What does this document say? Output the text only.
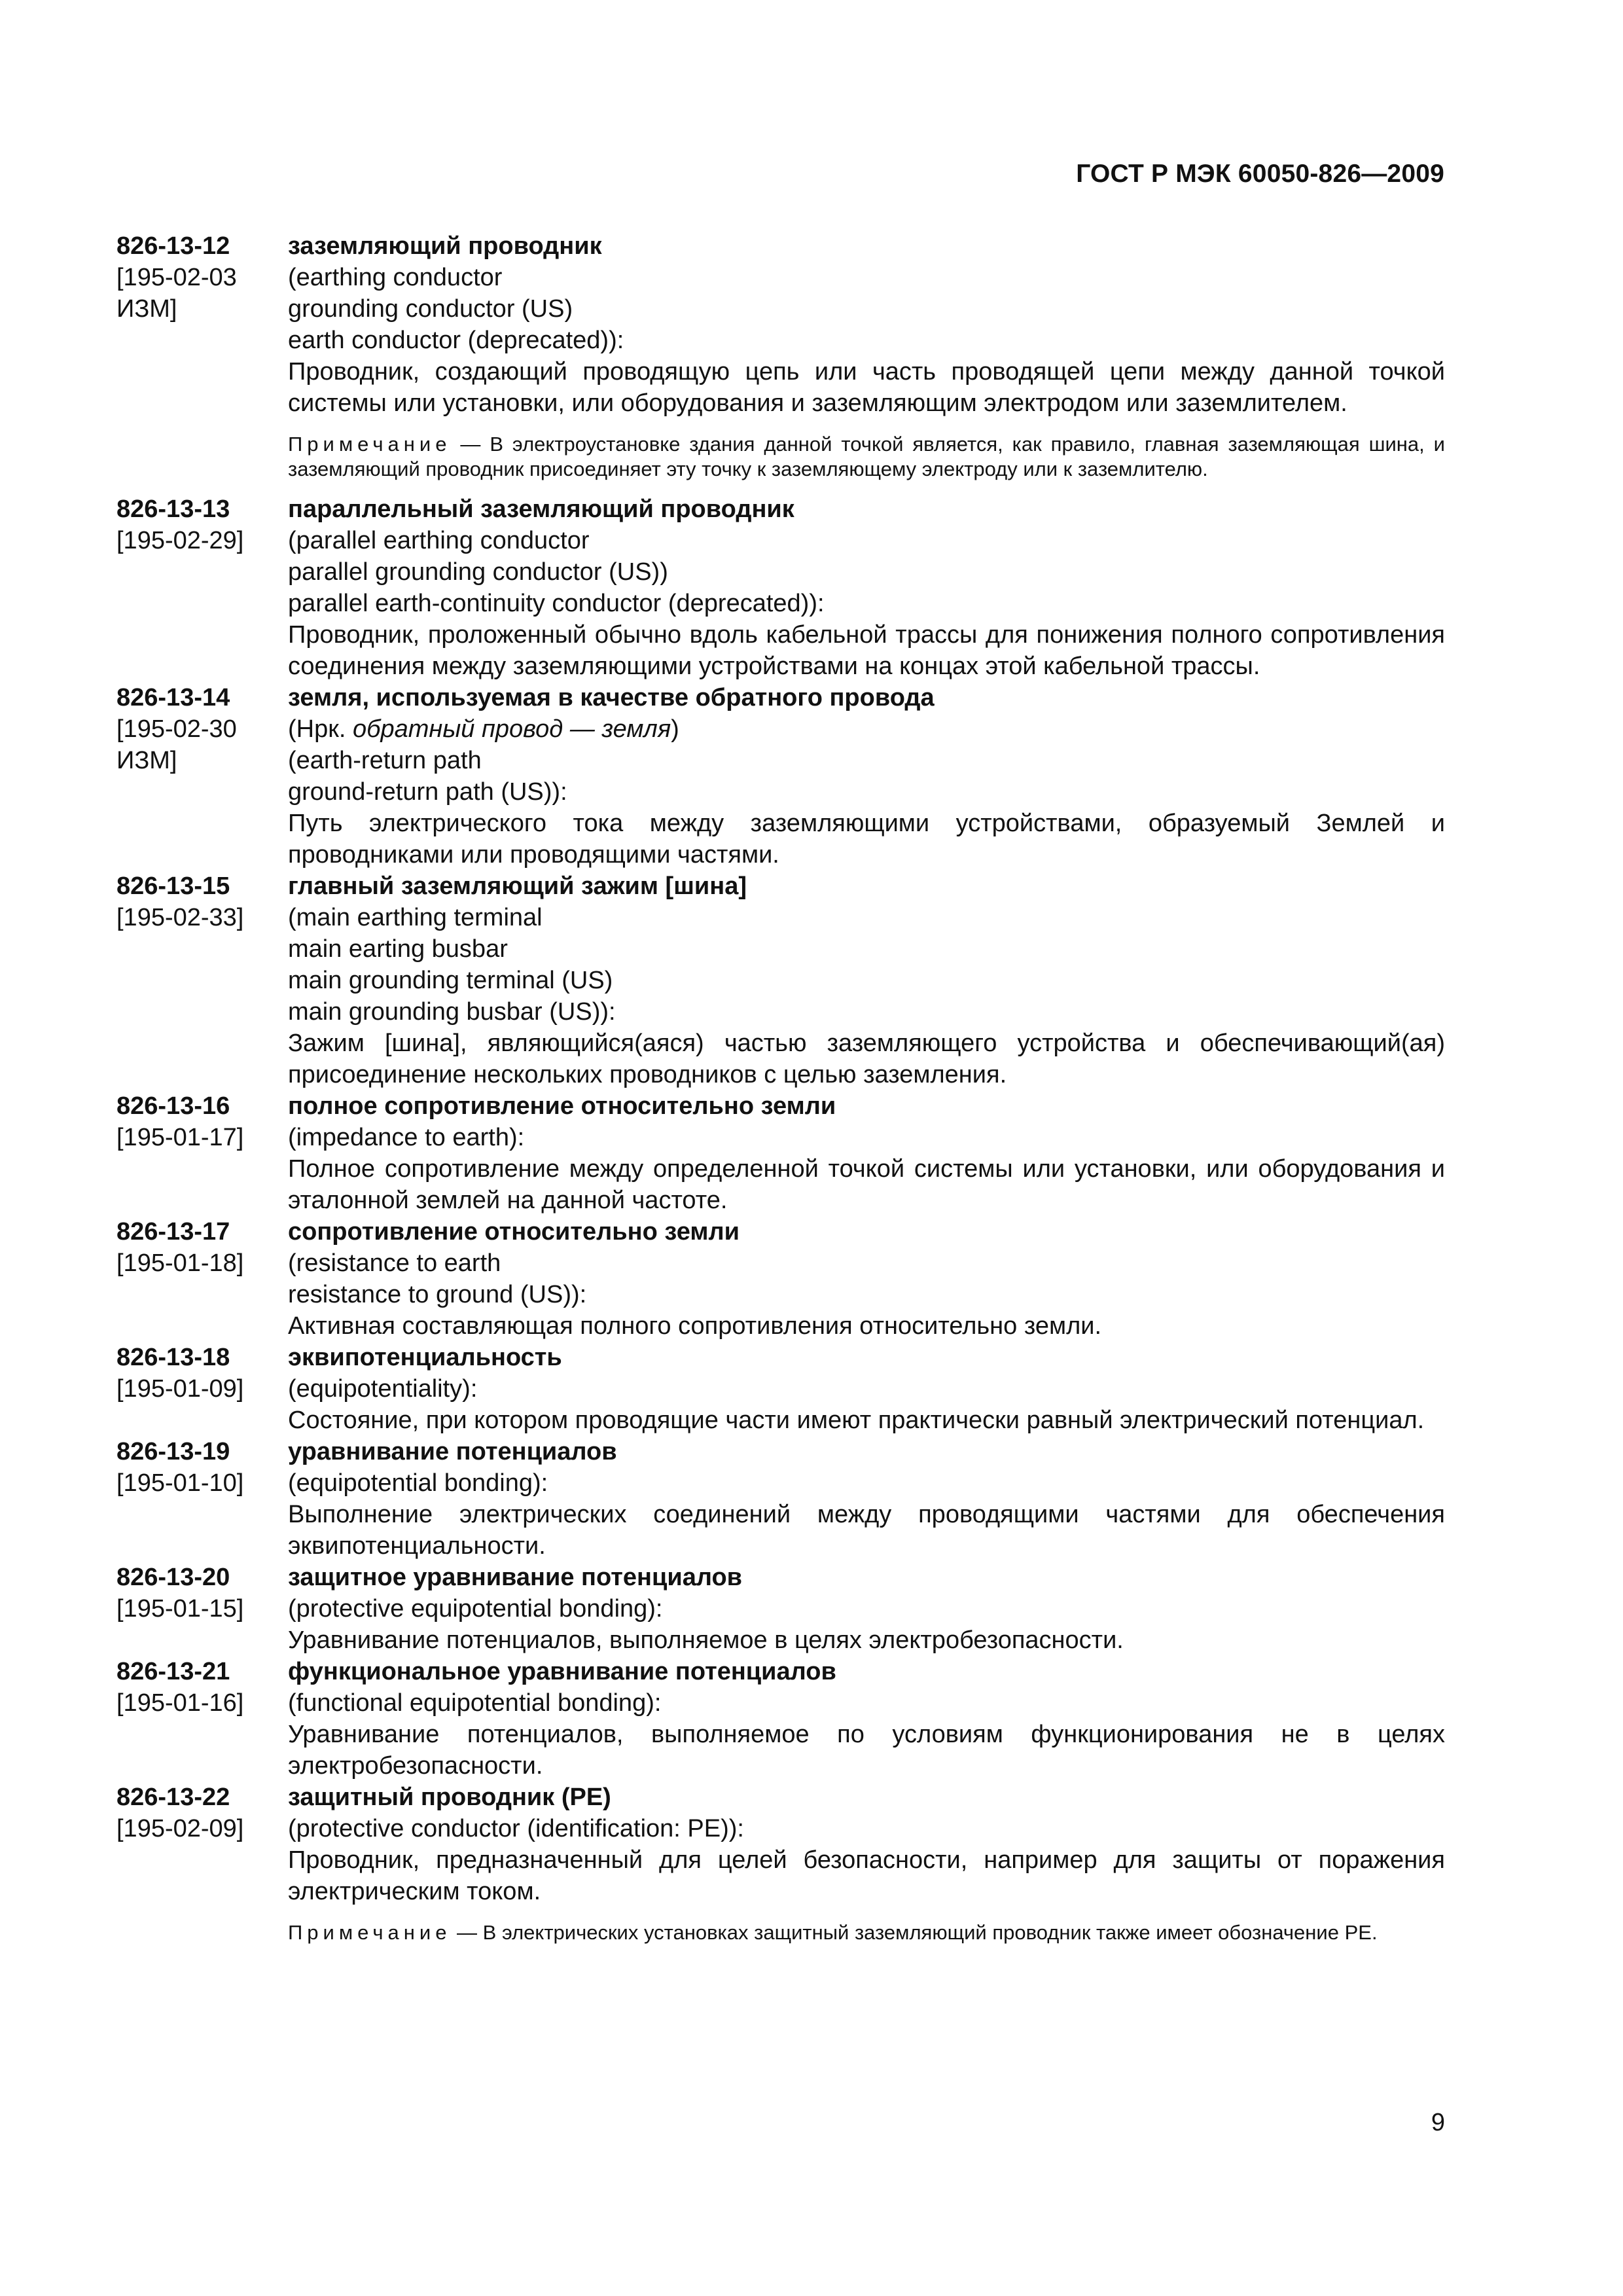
ГОСТ Р МЭК 60050-826—2009
826-13-12
[195-02-03
ИЗМ]
заземляющий проводник
(earthing conductor
grounding conductor (US)
earth conductor (deprecated)):
Проводник, создающий проводящую цепь или часть проводящей цепи между данной точкой системы или установки, или оборудования и заземляющим электродом или заземлителем.
Примечание — В электроустановке здания данной точкой является, как правило, главная заземляющая шина, и заземляющий проводник присоединяет эту точку к заземляющему электроду или к заземлителю.
826-13-13
[195-02-29]
параллельный заземляющий проводник
(parallel earthing conductor
parallel grounding conductor (US))
parallel earth-continuity conductor (deprecated)):
Проводник, проложенный обычно вдоль кабельной трассы для понижения полного сопротивления соединения между заземляющими устройствами на концах этой кабельной трассы.
826-13-14
[195-02-30
ИЗМ]
земля, используемая в качестве обратного провода
(Нрк. обратный провод — земля)
(earth-return path
ground-return path (US)):
Путь электрического тока между заземляющими устройствами, образуемый Землей и проводниками или проводящими частями.
826-13-15
[195-02-33]
главный заземляющий зажим [шина]
(main earthing terminal
main earting busbar
main grounding terminal (US)
main grounding busbar (US)):
Зажим [шина], являющийся(аяся) частью заземляющего устройства и обеспечивающий(ая) присоединение нескольких проводников с целью заземления.
826-13-16
[195-01-17]
полное сопротивление относительно земли
(impedance to earth):
Полное сопротивление между определенной точкой системы или установки, или оборудования и эталонной землей на данной частоте.
826-13-17
[195-01-18]
сопротивление относительно земли
(resistance to earth
resistance to ground (US)):
Активная составляющая полного сопротивления относительно земли.
826-13-18
[195-01-09]
эквипотенциальность
(equipotentiality):
Состояние, при котором проводящие части имеют практически равный электрический потенциал.
826-13-19
[195-01-10]
уравнивание потенциалов
(equipotential bonding):
Выполнение электрических соединений между проводящими частями для обеспечения эквипотенциальности.
826-13-20
[195-01-15]
защитное уравнивание потенциалов
(protective equipotential bonding):
Уравнивание потенциалов, выполняемое в целях электробезопасности.
826-13-21
[195-01-16]
функциональное уравнивание потенциалов
(functional equipotential bonding):
Уравнивание потенциалов, выполняемое по условиям функционирования не в целях электробезопасности.
826-13-22
[195-02-09]
защитный проводник (PE)
(protective conductor (identification: PE)):
Проводник, предназначенный для целей безопасности, например для защиты от поражения электрическим током.
Примечание — В электрических установках защитный заземляющий проводник также имеет обозначение PE.
9
